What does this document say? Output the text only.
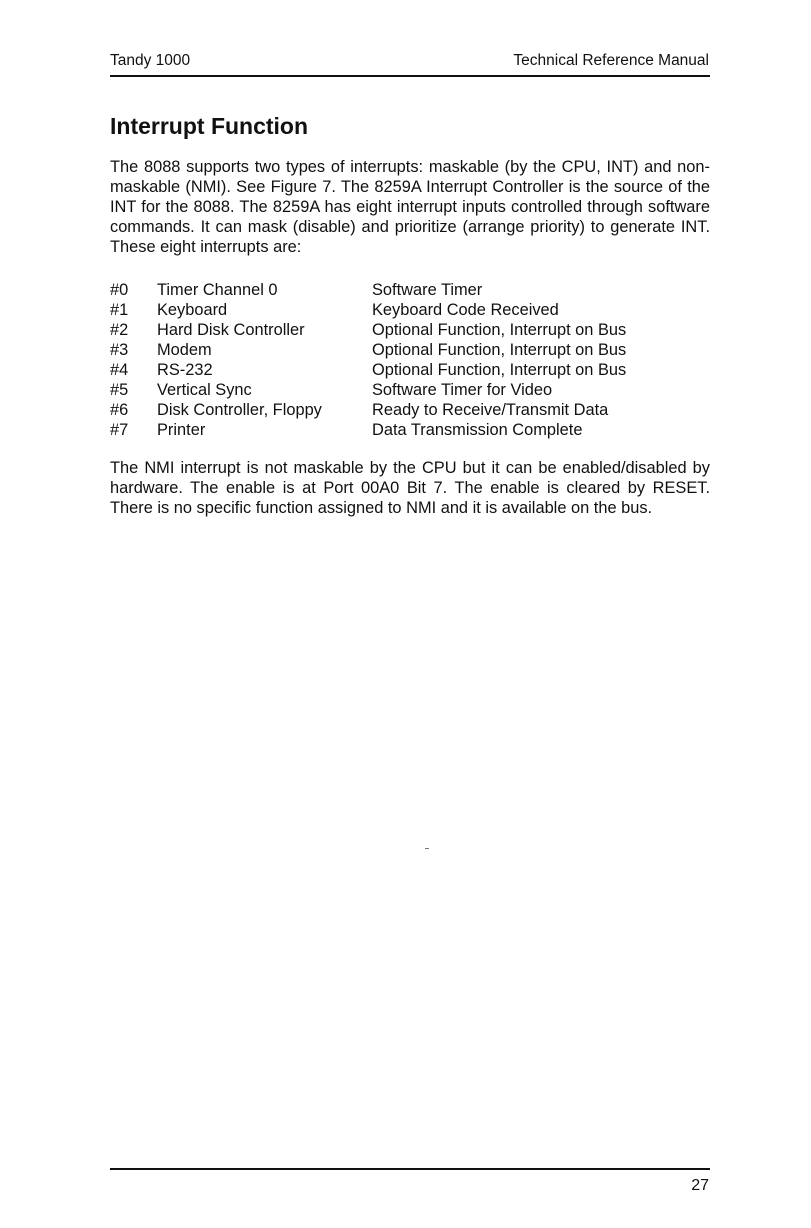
Tandy 1000	Technical Reference Manual
Interrupt Function

The 8088 supports two types of interrupts: maskable (by the CPU, INT) and non-maskable (NMI). See Figure 7. The 8259A Interrupt Controller is the source of the INT for the 8088. The 8259A has eight interrupt inputs controlled through software commands. It can mask (disable) and prioritize (arrange priority) to generate INT. These eight interrupts are:

#0 Timer Channel 0	Software Timer
#1 Keyboard	Keyboard Code Received
#2 Hard Disk Controller	Optional Function, Interrupt on Bus
#3 Modem	Optional Function, Interrupt on Bus
#4 RS-232	Optional Function, Interrupt on Bus
#5 Vertical Sync	Software Timer for Video
#6 Disk Controller, Floppy	Ready to Receive/Transmit Data
#7 Printer	Data Transmission Complete

The NMI interrupt is not maskable by the CPU but it can be enabled/disabled by hardware. The enable is at Port 00A0 Bit 7. The enable is cleared by RESET. There is no specific function assigned to NMI and it is available on the bus.

27
